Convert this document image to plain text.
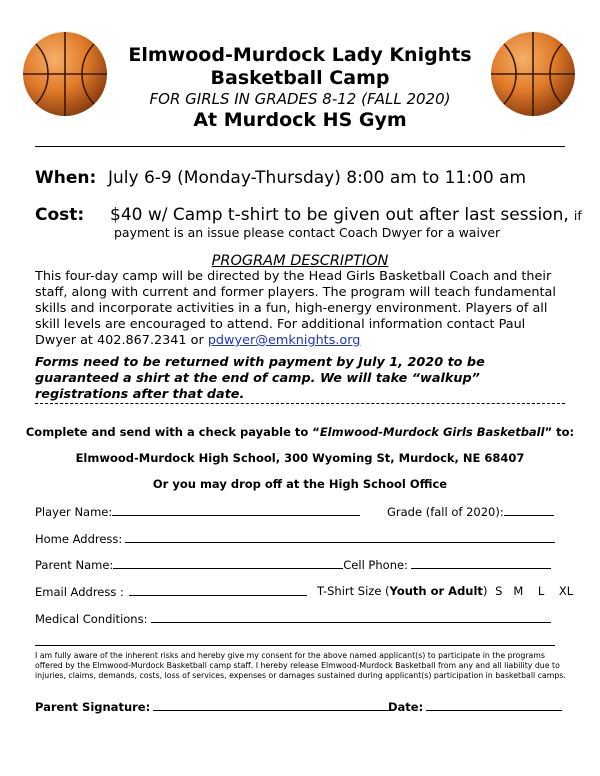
Elmwood-Murdock Lady Knights
Basketball Camp
FOR GIRLS IN GRADES 8-12 (FALL 2020)
At Murdock HS Gym
When: July 6-9 (Monday-Thursday) 8:00 am to 11:00 am
Cost: $40 w/ Camp t-shirt to be given out after last session, if
payment is an issue please contact Coach Dwyer for a waiver
PROGRAM DESCRIPTION
This four-day camp will be directed by the Head Girls Basketball Coach and their staff, along with current and former players. The program will teach fundamental skills and incorporate activities in a fun, high-energy environment. Players of all skill levels are encouraged to attend. For additional information contact Paul Dwyer at 402.867.2341 or pdwyer@emknights.org
Forms need to be returned with payment by July 1, 2020 to be guaranteed a shirt at the end of camp. We will take “walkup” registrations after that date.
Complete and send with a check payable to “Elmwood-Murdock Girls Basketball” to:
Elmwood-Murdock High School, 300 Wyoming St, Murdock, NE 68407
Or you may drop off at the High School Office
Player Name:	Grade (fall of 2020):
Home Address:
Parent Name:	Cell Phone:
Email Address :	T-Shirt Size (Youth or Adult) S   M    L    XL
Medical Conditions:
I am fully aware of the inherent risks and hereby give my consent for the above named applicant(s) to participate in the programs offered by the Elmwood-Murdock Basketball camp staff. I hereby release Elmwood-Murdock Basketball from any and all liability due to injuries, claims, demands, costs, loss of services, expenses or damages sustained during applicant(s) participation in basketball camps.
Parent Signature:	Date:
